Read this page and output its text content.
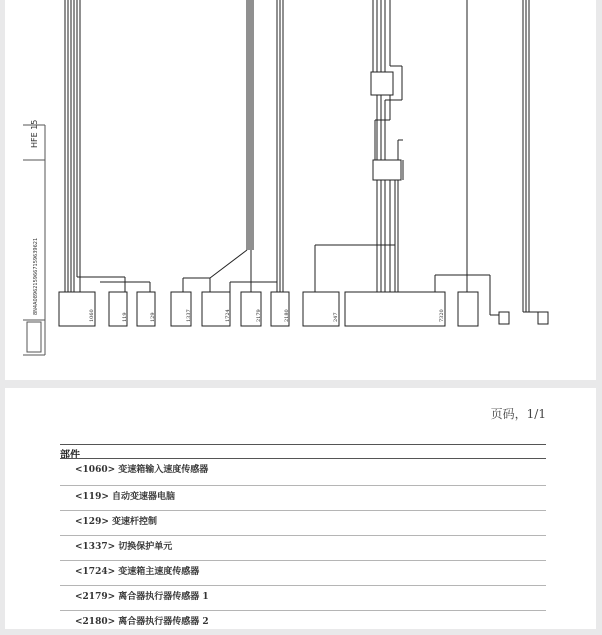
HFE 15
8N4A08962159667159639621
1060	119	129	1337	1724	2179	2180	247	7320
页码，1/1
部件
<1060> 变速箱输入速度传感器
<119> 自动变速器电脑
<129> 变速杆控制
<1337> 切换保护单元
<1724> 变速箱主速度传感器
<2179> 离合器执行器传感器 1
<2180> 离合器执行器传感器 2
